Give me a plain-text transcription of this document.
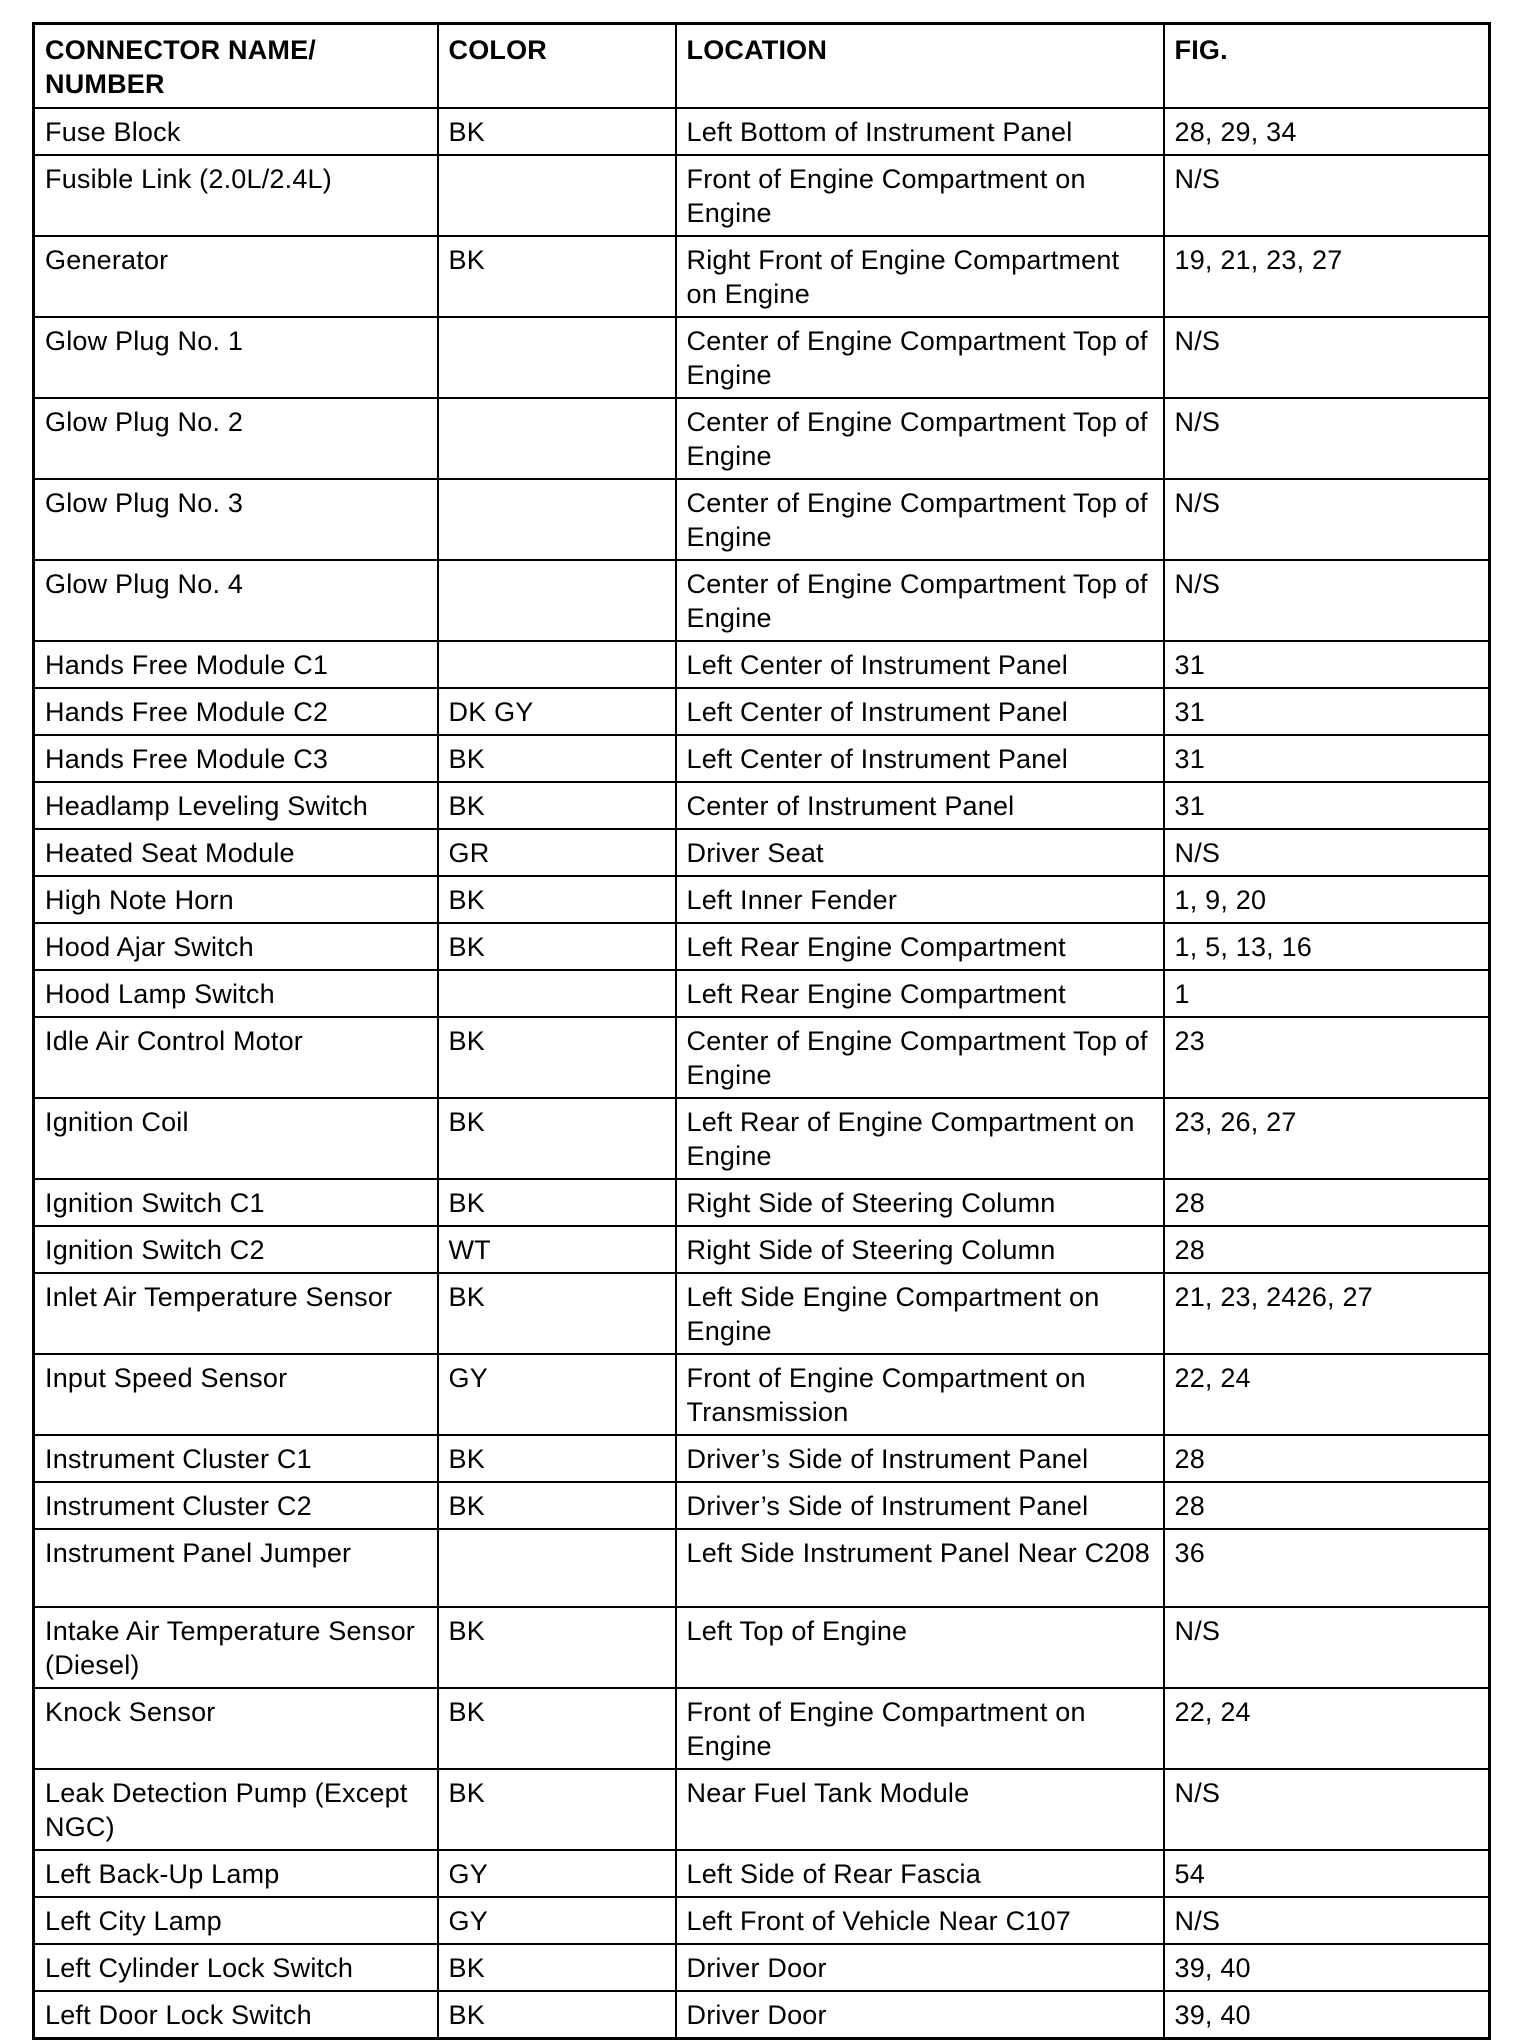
CONNECTOR NAME/ NUMBER	COLOR	LOCATION	FIG.
Fuse Block	BK	Left Bottom of Instrument Panel	28, 29, 34
Fusible Link (2.0L/2.4L)		Front of Engine Compartment on Engine	N/S
Generator	BK	Right Front of Engine Compartment on Engine	19, 21, 23, 27
Glow Plug No. 1		Center of Engine Compartment Top of Engine	N/S
Glow Plug No. 2		Center of Engine Compartment Top of Engine	N/S
Glow Plug No. 3		Center of Engine Compartment Top of Engine	N/S
Glow Plug No. 4		Center of Engine Compartment Top of Engine	N/S
Hands Free Module C1		Left Center of Instrument Panel	31
Hands Free Module C2	DK GY	Left Center of Instrument Panel	31
Hands Free Module C3	BK	Left Center of Instrument Panel	31
Headlamp Leveling Switch	BK	Center of Instrument Panel	31
Heated Seat Module	GR	Driver Seat	N/S
High Note Horn	BK	Left Inner Fender	1, 9, 20
Hood Ajar Switch	BK	Left Rear Engine Compartment	1, 5, 13, 16
Hood Lamp Switch		Left Rear Engine Compartment	1
Idle Air Control Motor	BK	Center of Engine Compartment Top of Engine	23
Ignition Coil	BK	Left Rear of Engine Compartment on Engine	23, 26, 27
Ignition Switch C1	BK	Right Side of Steering Column	28
Ignition Switch C2	WT	Right Side of Steering Column	28
Inlet Air Temperature Sensor	BK	Left Side Engine Compartment on Engine	21, 23, 2426, 27
Input Speed Sensor	GY	Front of Engine Compartment on Transmission	22, 24
Instrument Cluster C1	BK	Driver’s Side of Instrument Panel	28
Instrument Cluster C2	BK	Driver’s Side of Instrument Panel	28
Instrument Panel Jumper		Left Side Instrument Panel Near C208	36
Intake Air Temperature Sensor (Diesel)	BK	Left Top of Engine	N/S
Knock Sensor	BK	Front of Engine Compartment on Engine	22, 24
Leak Detection Pump (Except NGC)	BK	Near Fuel Tank Module	N/S
Left Back-Up Lamp	GY	Left Side of Rear Fascia	54
Left City Lamp	GY	Left Front of Vehicle Near C107	N/S
Left Cylinder Lock Switch	BK	Driver Door	39, 40
Left Door Lock Switch	BK	Driver Door	39, 40
